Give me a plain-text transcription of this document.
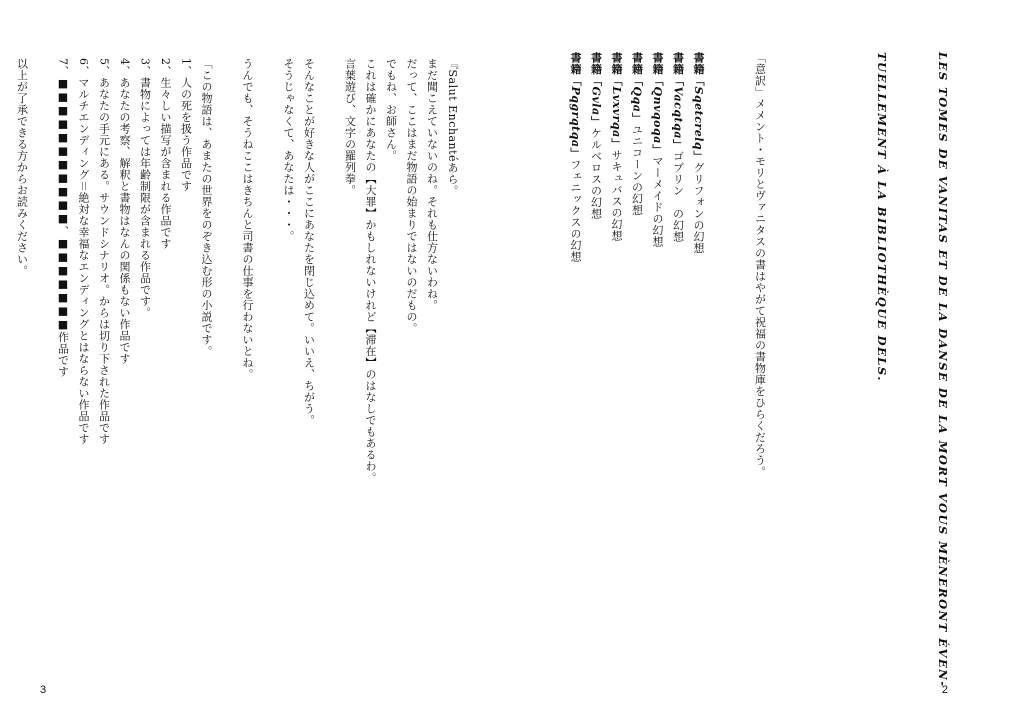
LES TOMES DE VANITAS ET DE LA DANSE DE LA MORT VOUS MÈNERONT ÉVEN-

TUELLEMENT À LA BIBLIOTHÈQUE DELS.

「意訳」メメント・モリとヴァニタスの書はやがて祝福の書物庫をひらくだろう。

書籍「Sqetcrelq」グリフォンの幻想
書籍「Vacqtqa」ゴブリン　の幻想
書籍「Qnvqoqa」マーメイドの幻想
書籍「Qqa」ユニコーンの幻想
書籍「Lvxvrqa」サキュバスの幻想
書籍「Gvla」ケルベロスの幻想
書籍「Pqgrqtqa」フェニックスの幻想

2
『Salut Enchantéあら。
まだ聞こえていないのね。それも仕方ないわね。
だって、ここはまだ物語の始まりではないのだもの。
でもね、お師さん。
これは確かにあなたの【大罪】かもしれないけれど【滞在】のはなしでもあるわ。
言葉遊び、文字の羅列拳。

そんなことが好きな人がここにあなたを閉じ込めて。いいえ、ちがう。
そうじゃなくて、あなたは・・・。

うんでも、そうねここはきちんと司書の仕事を行わないとね。

「この物語は、あまたの世界をのぞき込む形の小説です。
1、人の死を扱う作品です
2、生々しい描写が含まれる作品です
3、書物によっては年齢制限が含まれる作品です。
4、あなたの考察、解釈と書物はなんの関係もない作品です
5、あなたの手元にある。サウンドシナリオ。からは切り下された作品です
6、マルチエンディング＝絶対な幸福なエンディングとはならない作品です
7、■■■■■■■■■■■、■■■■■■■作品です

以上が了承できる方からお読みください。
3
